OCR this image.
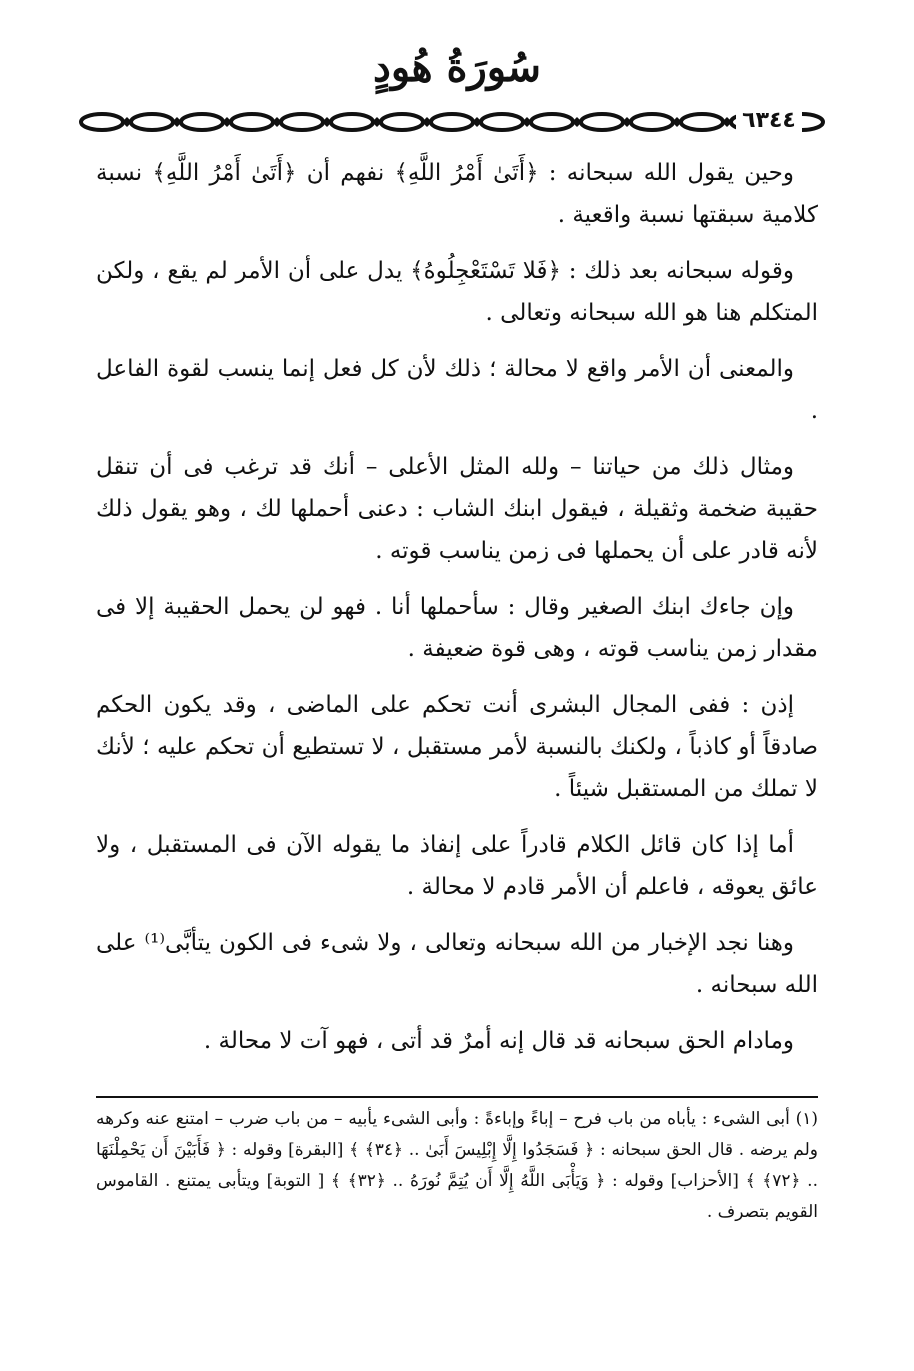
سُورَةُ هُودٍ
٦٣٤٤

وحين يقول الله سبحانه : ﴿أَتَىٰ أَمْرُ اللَّهِ﴾ نفهم أن ﴿أَتَىٰ أَمْرُ اللَّهِ﴾ نسبة كلامية سبقتها نسبة واقعية .

وقوله سبحانه بعد ذلك : ﴿فَلا تَسْتَعْجِلُوهُ﴾ يدل على أن الأمر لم يقع ، ولكن المتكلم هنا هو الله سبحانه وتعالى .

والمعنى أن الأمر واقع لا محالة ؛ ذلك لأن كل فعل إنما ينسب لقوة الفاعل .

ومثال ذلك من حياتنا – ولله المثل الأعلى – أنك قد ترغب فى أن تنقل حقيبة ضخمة وثقيلة ، فيقول ابنك الشاب : دعنى أحملها لك ، وهو يقول ذلك لأنه قادر على أن يحملها فى زمن يناسب قوته .

وإن جاءك ابنك الصغير وقال : سأحملها أنا . فهو لن يحمل الحقيبة إلا فى مقدار زمن يناسب قوته ، وهى قوة ضعيفة .

إذن : ففى المجال البشرى أنت تحكم على الماضى ، وقد يكون الحكم صادقاً أو كاذباً ، ولكنك بالنسبة لأمر مستقبل ، لا تستطيع أن تحكم عليه ؛ لأنك لا تملك من المستقبل شيئاً .

أما إذا كان قائل الكلام قادراً على إنفاذ ما يقوله الآن فى المستقبل ، ولا عائق يعوقه ، فاعلم أن الأمر قادم لا محالة .

وهنا نجد الإخبار من الله سبحانه وتعالى ، ولا شىء فى الكون يتأبَّى⁽¹⁾ على الله سبحانه .

ومادام الحق سبحانه قد قال إنه أمرٌ قد أتى ، فهو آت لا محالة .

(١) أبى الشىء : يأباه من باب فرح – إباءً وإباءةً : وأبى الشىء يأبيه – من باب ضرب – امتنع عنه وكرهه ولم يرضه . قال الحق سبحانه : ﴿ فَسَجَدُوا إِلَّا إِبْلِيسَ أَبَىٰ .. ﴿٣٤﴾ ﴾ [البقرة] وقوله : ﴿ فَأَبَيْنَ أَن يَحْمِلْنَهَا .. ﴿٧٢﴾ ﴾ [الأحزاب] وقوله : ﴿ وَيَأْبَى اللَّهُ إِلَّا أَن يُتِمَّ نُورَهُ .. ﴿٣٢﴾ ﴾ [ التوبة] ويتأبى يمتنع . القاموس القويم بتصرف .
